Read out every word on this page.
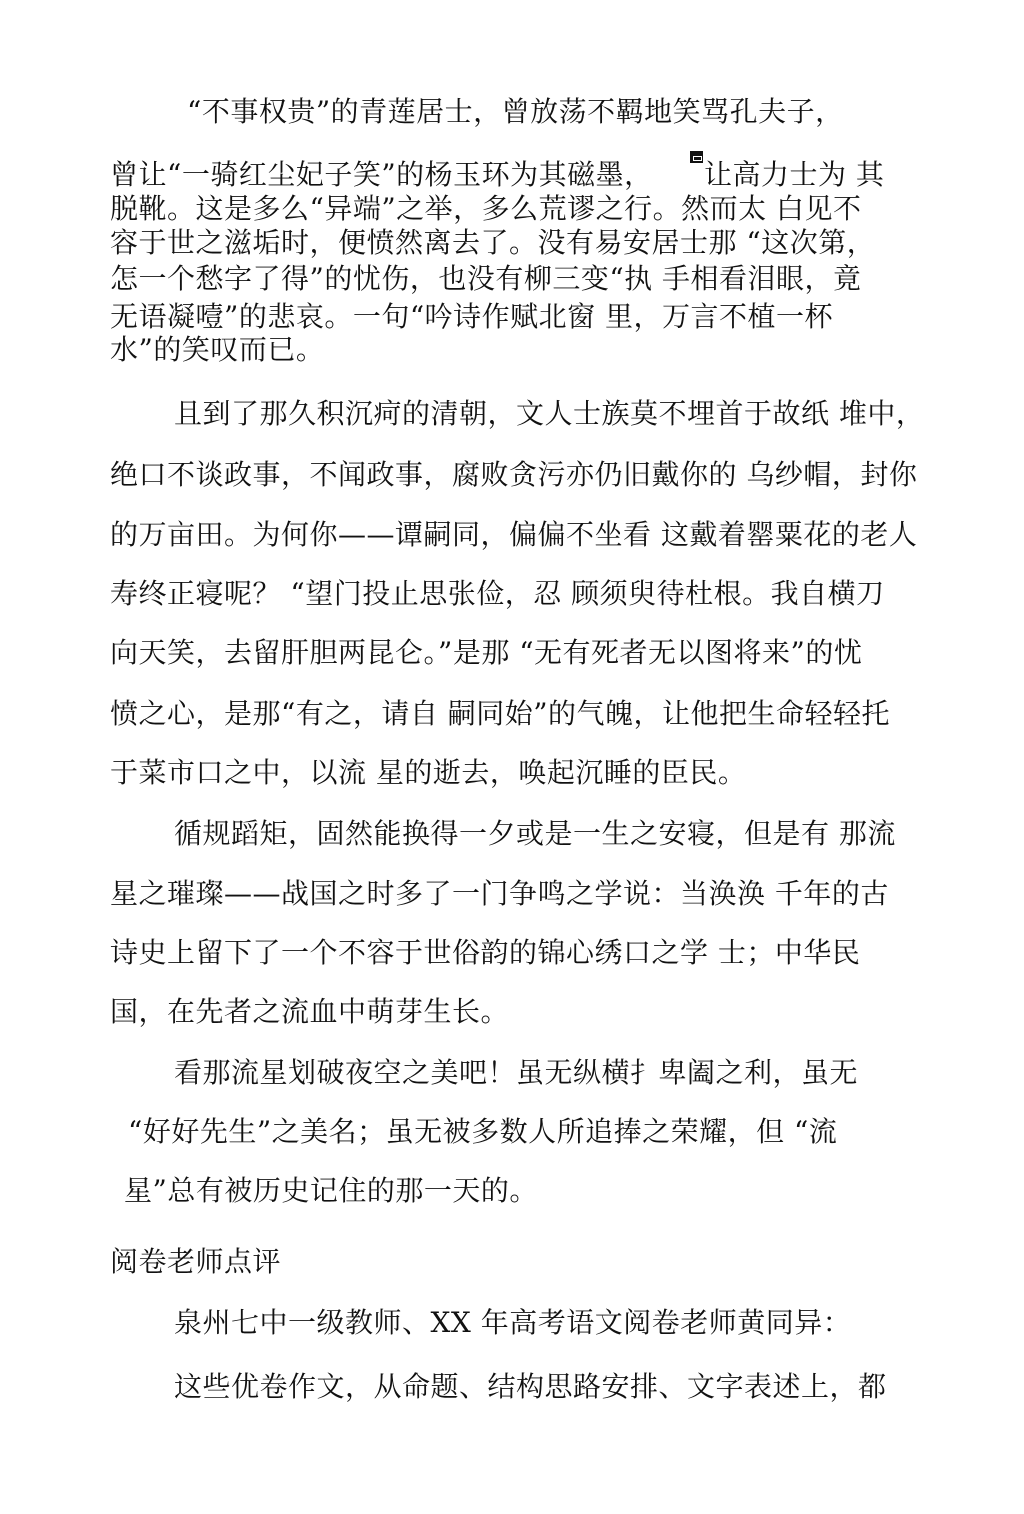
“不事权贵”的青莲居士，曾放荡不羁地笑骂孔夫子，
曾让“一骑红尘妃子笑”的杨玉环为其磁墨， 让高力士为 其
脱靴。这是多么“异端”之举，多么荒谬之行。然而太 白见不
容于世之滋垢时，便愤然离去了。没有易安居士那 “这次第，
怎一个愁字了得”的忧伤，也没有柳三变“执 手相看泪眼，竟
无语凝噎”的悲哀。一句“吟诗作赋北窗 里，万言不植一杯
水”的笑叹而已。
且到了那久积沉疴的清朝，文人士族莫不埋首于故纸 堆中，
绝口不谈政事，不闻政事，腐败贪污亦仍旧戴你的 乌纱帽，封你
的万亩田。为何你——谭嗣同，偏偏不坐看 这戴着罂粟花的老人
寿终正寝呢？ “望门投止思张俭，忍 顾须臾待杜根。我自横刀
向天笑，去留肝胆两昆仑。”是那 “无有死者无以图将来”的忧
愤之心，是那“有之，请自 嗣同始”的气魄，让他把生命轻轻托
于菜市口之中，以流 星的逝去，唤起沉睡的臣民。
循规蹈矩，固然能换得一夕或是一生之安寝，但是有 那流
星之璀璨——战国之时多了一门争鸣之学说：当涣涣 千年的古
诗史上留下了一个不容于世俗韵的锦心绣口之学 士；中华民
国，在先者之流血中萌芽生长。
看那流星划破夜空之美吧！虽无纵横扌卑阖之利，虽无
“好好先生”之美名；虽无被多数人所追捧之荣耀，但 “流
星”总有被历史记住的那一天的。
阅卷老师点评
泉州七中一级教师、XX 年高考语文阅卷老师黄同异：
这些优卷作文，从命题、结构思路安排、文字表述上，都
